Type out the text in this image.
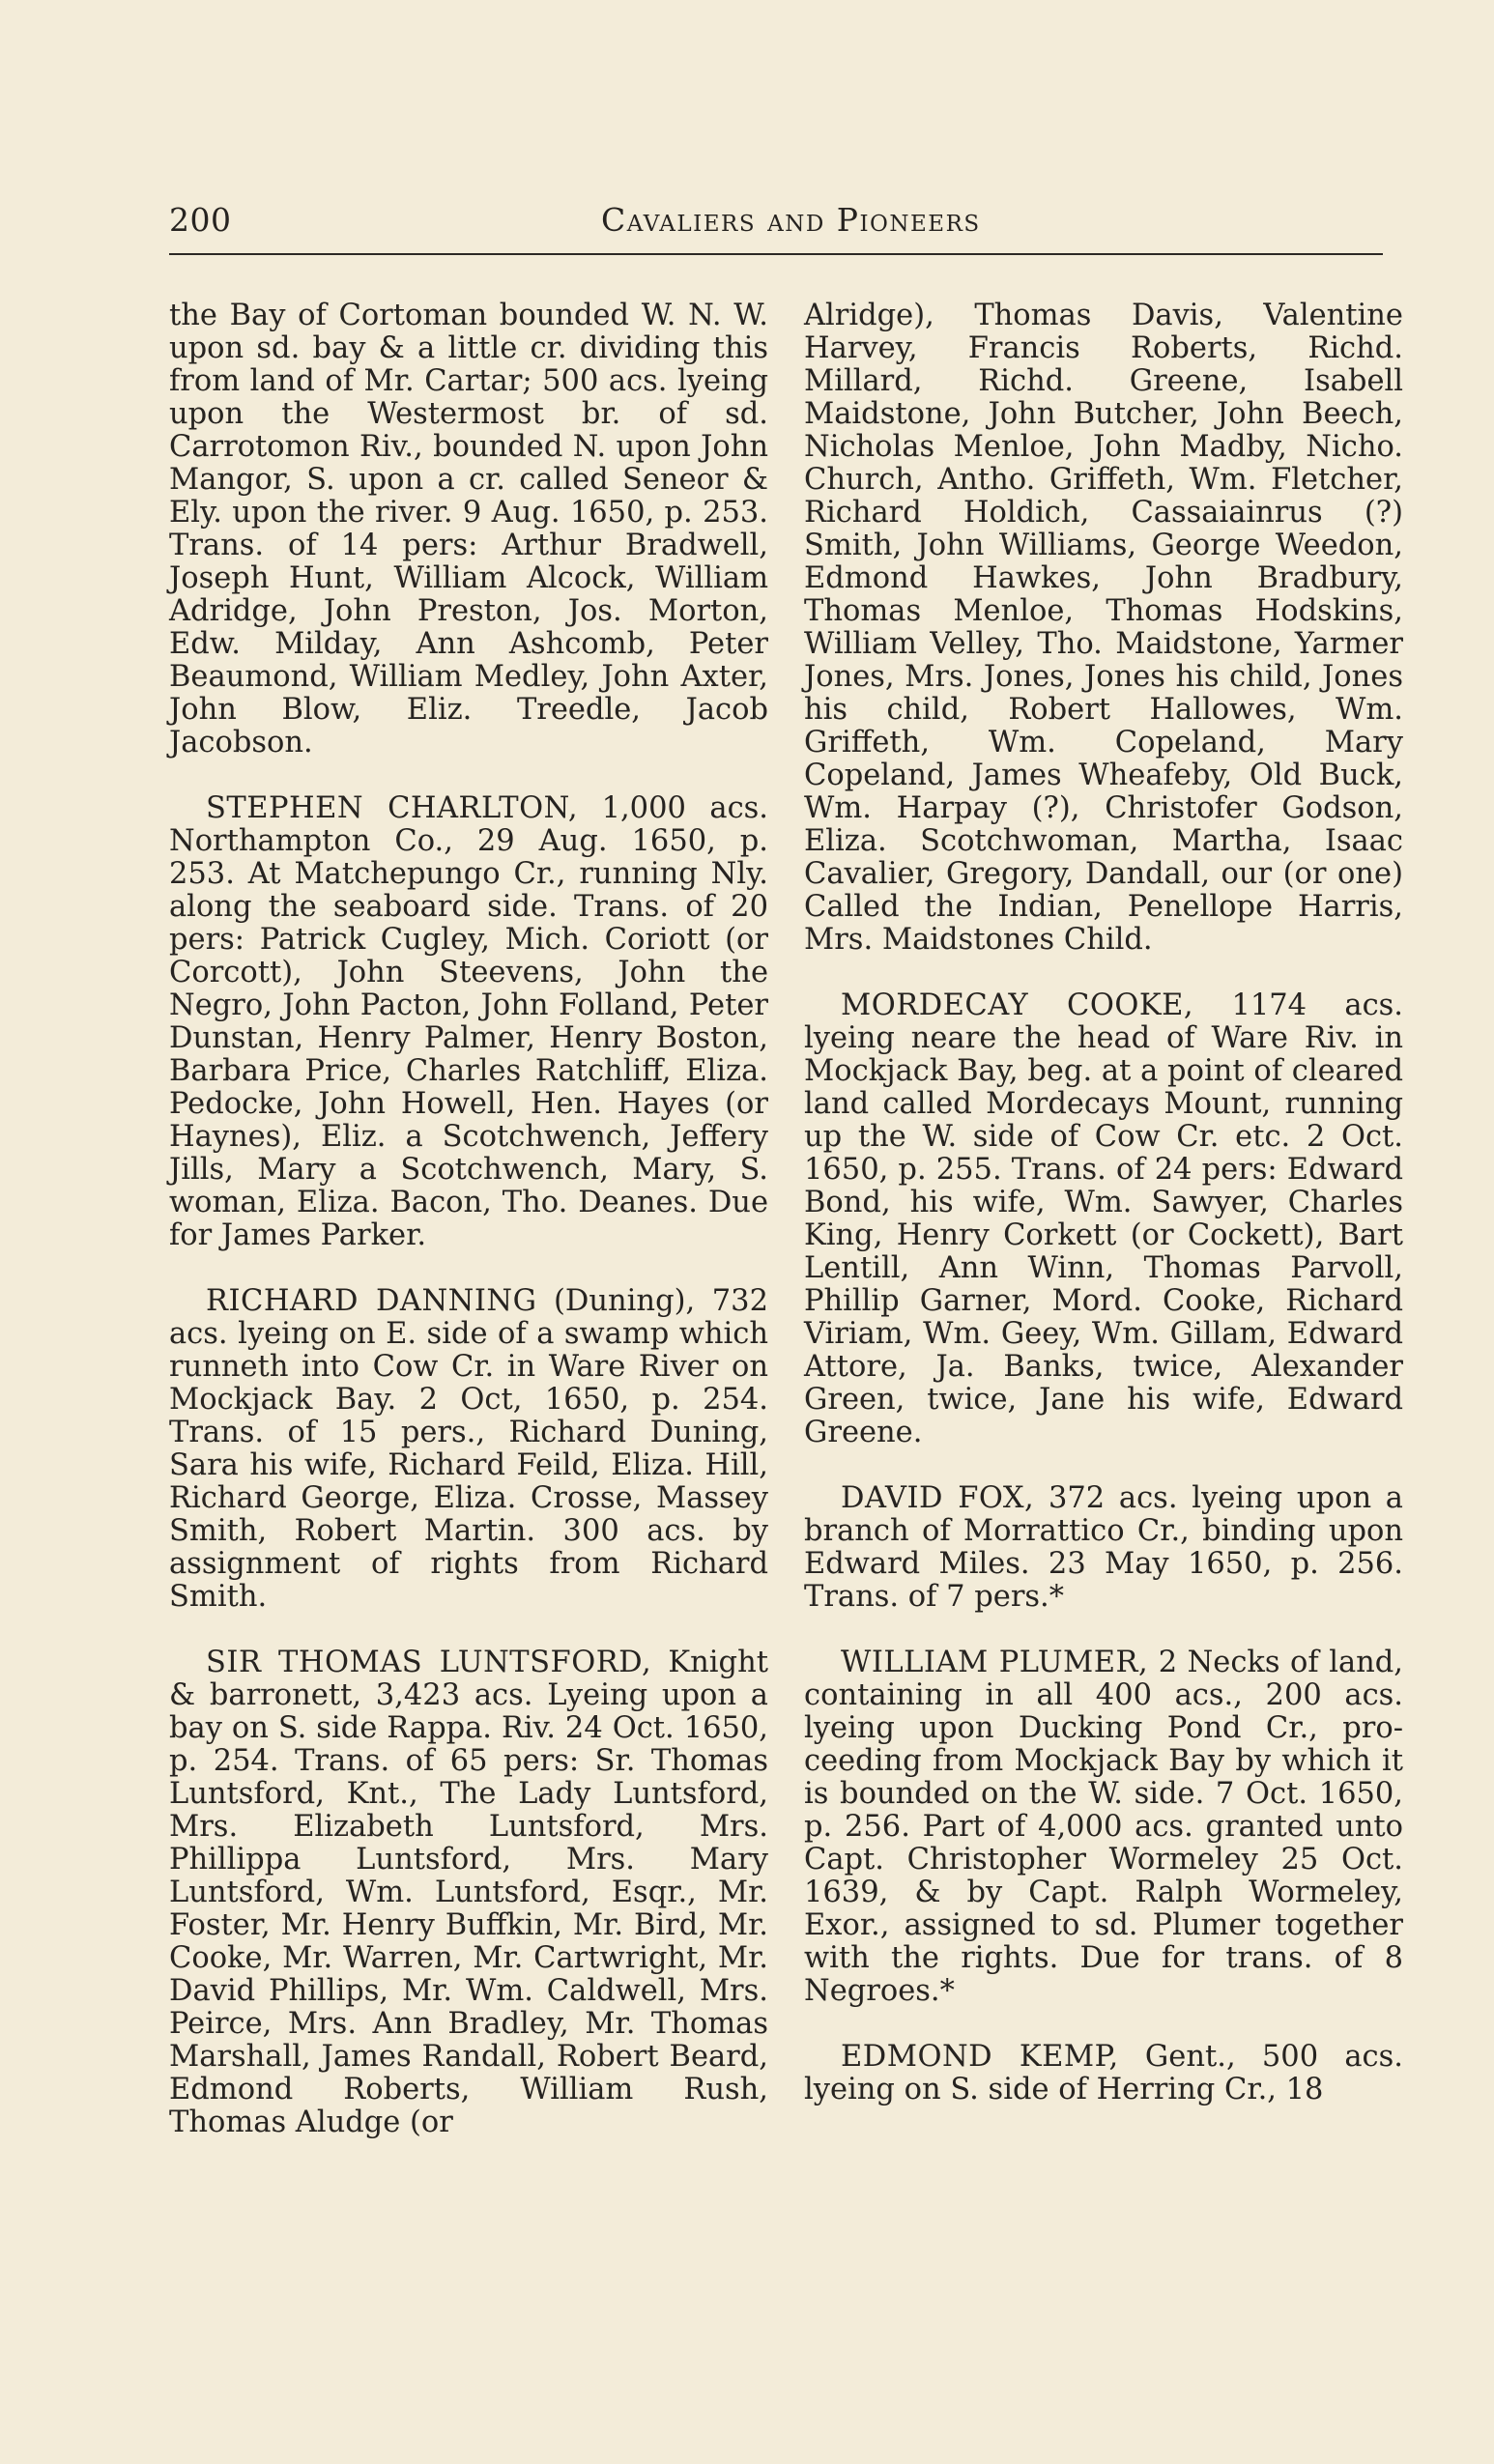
200	Cavaliers and Pioneers

the Bay of Cortoman bounded W. N. W. upon sd. bay & a little cr. dividing this from land of Mr. Cartar; 500 acs. lyeing upon the Westermost br. of sd. Carrotomon Riv., bounded N. upon John Mangor, S. upon a cr. called Seneor & Ely. upon the river. 9 Aug. 1650, p. 253. Trans. of 14 pers: Arthur Bradwell, Joseph Hunt, William Alcock, William Adridge, John Preston, Jos. Morton, Edw. Milday, Ann Ashcomb, Peter Beaumond, William Medley, John Axter, John Blow, Eliz. Treedle, Jacob Jacobson.

STEPHEN CHARLTON, 1,000 acs. Northampton Co., 29 Aug. 1650, p. 253. At Matchepungo Cr., running Nly. along the seaboard side. Trans. of 20 pers: Patrick Cugley, Mich. Coriott (or Corcott), John Steevens, John the Negro, John Pacton, John Folland, Peter Dunstan, Henry Palmer, Henry Boston, Barbara Price, Charles Ratchliff, Eliza. Pedocke, John Howell, Hen. Hayes (or Haynes), Eliz. a Scotchwench, Jeffery Jills, Mary a Scotchwench, Mary, S. woman, Eliza. Bacon, Tho. Deanes. Due for James Parker.

RICHARD DANNING (Duning), 732 acs. lyeing on E. side of a swamp which runneth into Cow Cr. in Ware River on Mockjack Bay. 2 Oct, 1650, p. 254. Trans. of 15 pers., Richard Duning, Sara his wife, Richard Feild, Eliza. Hill, Richard George, Eliza. Crosse, Massey Smith, Robert Martin. 300 acs. by assignment of rights from Richard Smith.

SIR THOMAS LUNTSFORD, Knight & barronett, 3,423 acs. Lyeing upon a bay on S. side Rappa. Riv. 24 Oct. 1650, p. 254. Trans. of 65 pers: Sr. Thomas Luntsford, Knt., The Lady Luntsford, Mrs. Elizabeth Luntsford, Mrs. Phillippa Luntsford, Mrs. Mary Luntsford, Wm. Luntsford, Esqr., Mr. Foster, Mr. Henry Buffkin, Mr. Bird, Mr. Cooke, Mr. Warren, Mr. Cartwright, Mr. David Phillips, Mr. Wm. Caldwell, Mrs. Peirce, Mrs. Ann Bradley, Mr. Thomas Marshall, James Randall, Robert Beard, Edmond Roberts, William Rush, Thomas Aludge (or

Alridge), Thomas Davis, Valentine Harvey, Francis Roberts, Richd. Millard, Richd. Greene, Isabell Maidstone, John Butcher, John Beech, Nicholas Menloe, John Madby, Nicho. Church, Antho. Griffeth, Wm. Fletcher, Richard Holdich, Cassaiainrus (?) Smith, John Williams, George Weedon, Edmond Hawkes, John Bradbury, Thomas Menloe, Thomas Hodskins, William Velley, Tho. Maidstone, Yarmer Jones, Mrs. Jones, Jones his child, Jones his child, Robert Hallowes, Wm. Griffeth, Wm. Copeland, Mary Copeland, James Wheafeby, Old Buck, Wm. Harpay (?), Christofer Godson, Eliza. Scotchwoman, Martha, Isaac Cavalier, Gregory, Dandall, our (or one) Called the Indian, Penellope Harris, Mrs. Maidstones Child.

MORDECAY COOKE, 1174 acs. lyeing neare the head of Ware Riv. in Mockjack Bay, beg. at a point of cleared land called Mordecays Mount, running up the W. side of Cow Cr. etc. 2 Oct. 1650, p. 255. Trans. of 24 pers: Edward Bond, his wife, Wm. Sawyer, Charles King, Henry Corkett (or Cockett), Bart Lentill, Ann Winn, Thomas Parvoll, Phillip Garner, Mord. Cooke, Richard Viriam, Wm. Geey, Wm. Gillam, Edward Attore, Ja. Banks, twice, Alexander Green, twice, Jane his wife, Edward Greene.

DAVID FOX, 372 acs. lyeing upon a branch of Morrattico Cr., binding upon Edward Miles. 23 May 1650, p. 256. Trans. of 7 pers.*

WILLIAM PLUMER, 2 Necks of land, containing in all 400 acs., 200 acs. lyeing upon Ducking Pond Cr., proceeding from Mockjack Bay by which it is bounded on the W. side. 7 Oct. 1650, p. 256. Part of 4,000 acs. granted unto Capt. Christopher Wormeley 25 Oct. 1639, & by Capt. Ralph Wormeley, Exor., assigned to sd. Plumer together with the rights. Due for trans. of 8 Negroes.*

EDMOND KEMP, Gent., 500 acs. lyeing on S. side of Herring Cr., 18
